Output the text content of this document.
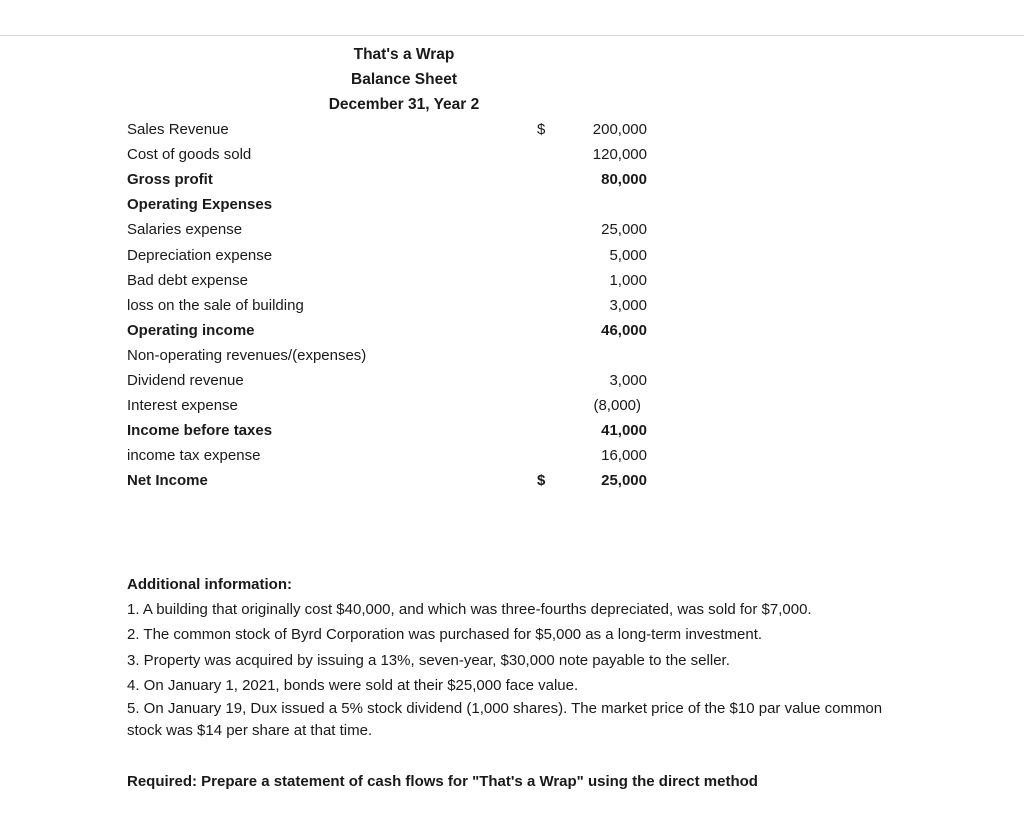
That's a Wrap
Balance Sheet
December 31, Year 2
Sales Revenue	$	200,000
Cost of goods sold	120,000
Gross profit	80,000
Operating Expenses
Salaries expense	25,000
Depreciation expense	5,000
Bad debt expense	1,000
loss on the sale of building	3,000
Operating income	46,000
Non-operating revenues/(expenses)
Dividend revenue	3,000
Interest expense	(8,000)
Income before taxes	41,000
income tax expense	16,000
Net Income	$	25,000
Additional information:
1. A building that originally cost $40,000, and which was three-fourths depreciated, was sold for $7,000.
2. The common stock of Byrd Corporation was purchased for $5,000 as a long-term investment.
3. Property was acquired by issuing a 13%, seven-year, $30,000 note payable to the seller.
4. On January 1, 2021, bonds were sold at their $25,000 face value.
5. On January 19, Dux issued a 5% stock dividend (1,000 shares). The market price of the $10 par value common stock was $14 per share at that time.
Required: Prepare a statement of cash flows for "That's a Wrap" using the direct method
